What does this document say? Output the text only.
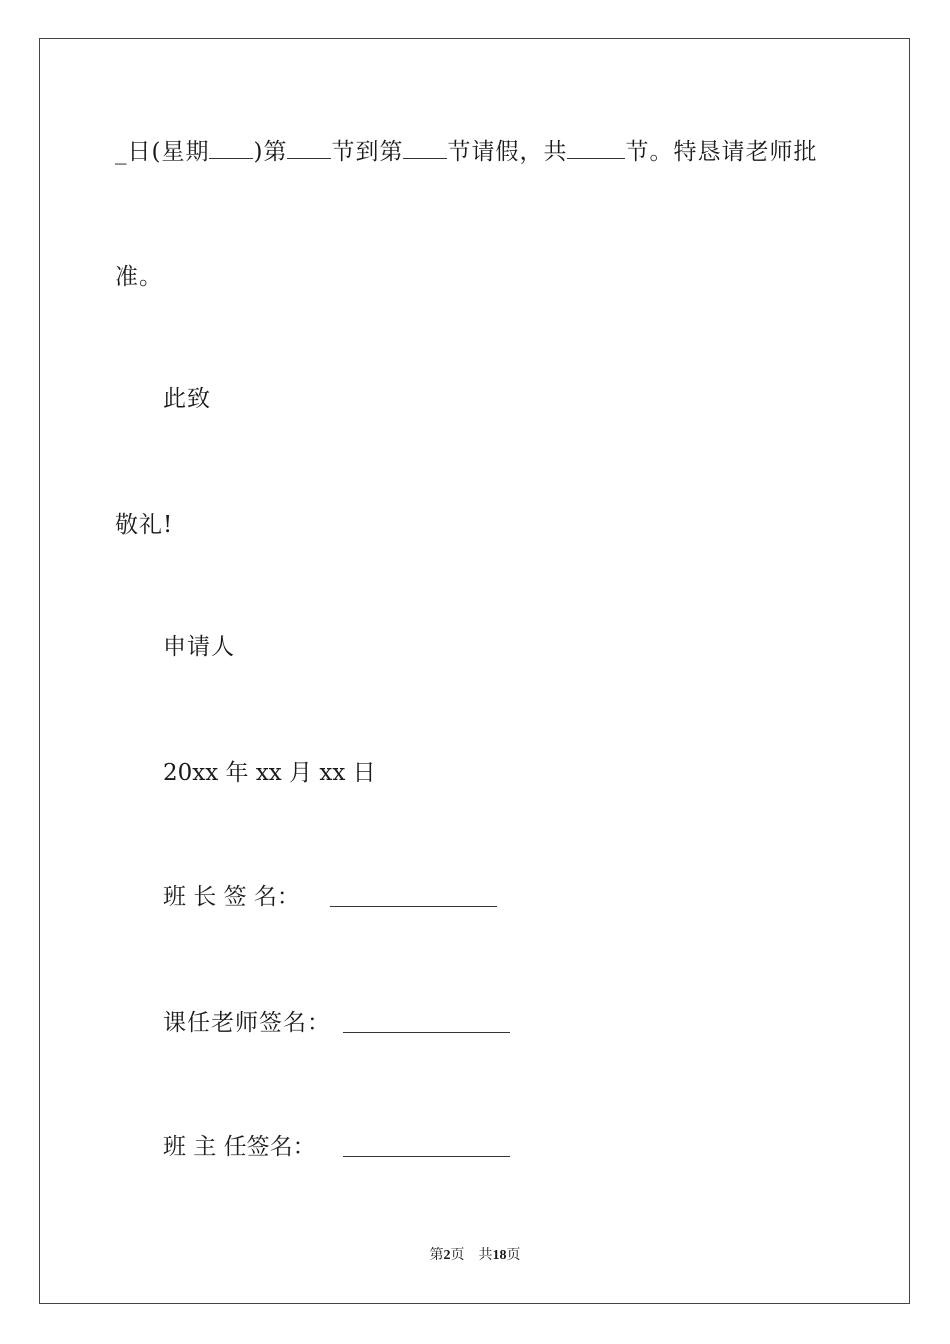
_日(星期 )第 节到第 节请假，共	节。特恳请老师批
准。
此致
敬礼!
申请人
20xx 年 xx 月 xx 日
班 长 签 名：
课任老师签名：
班 主 任签名：
第2页　共18页
